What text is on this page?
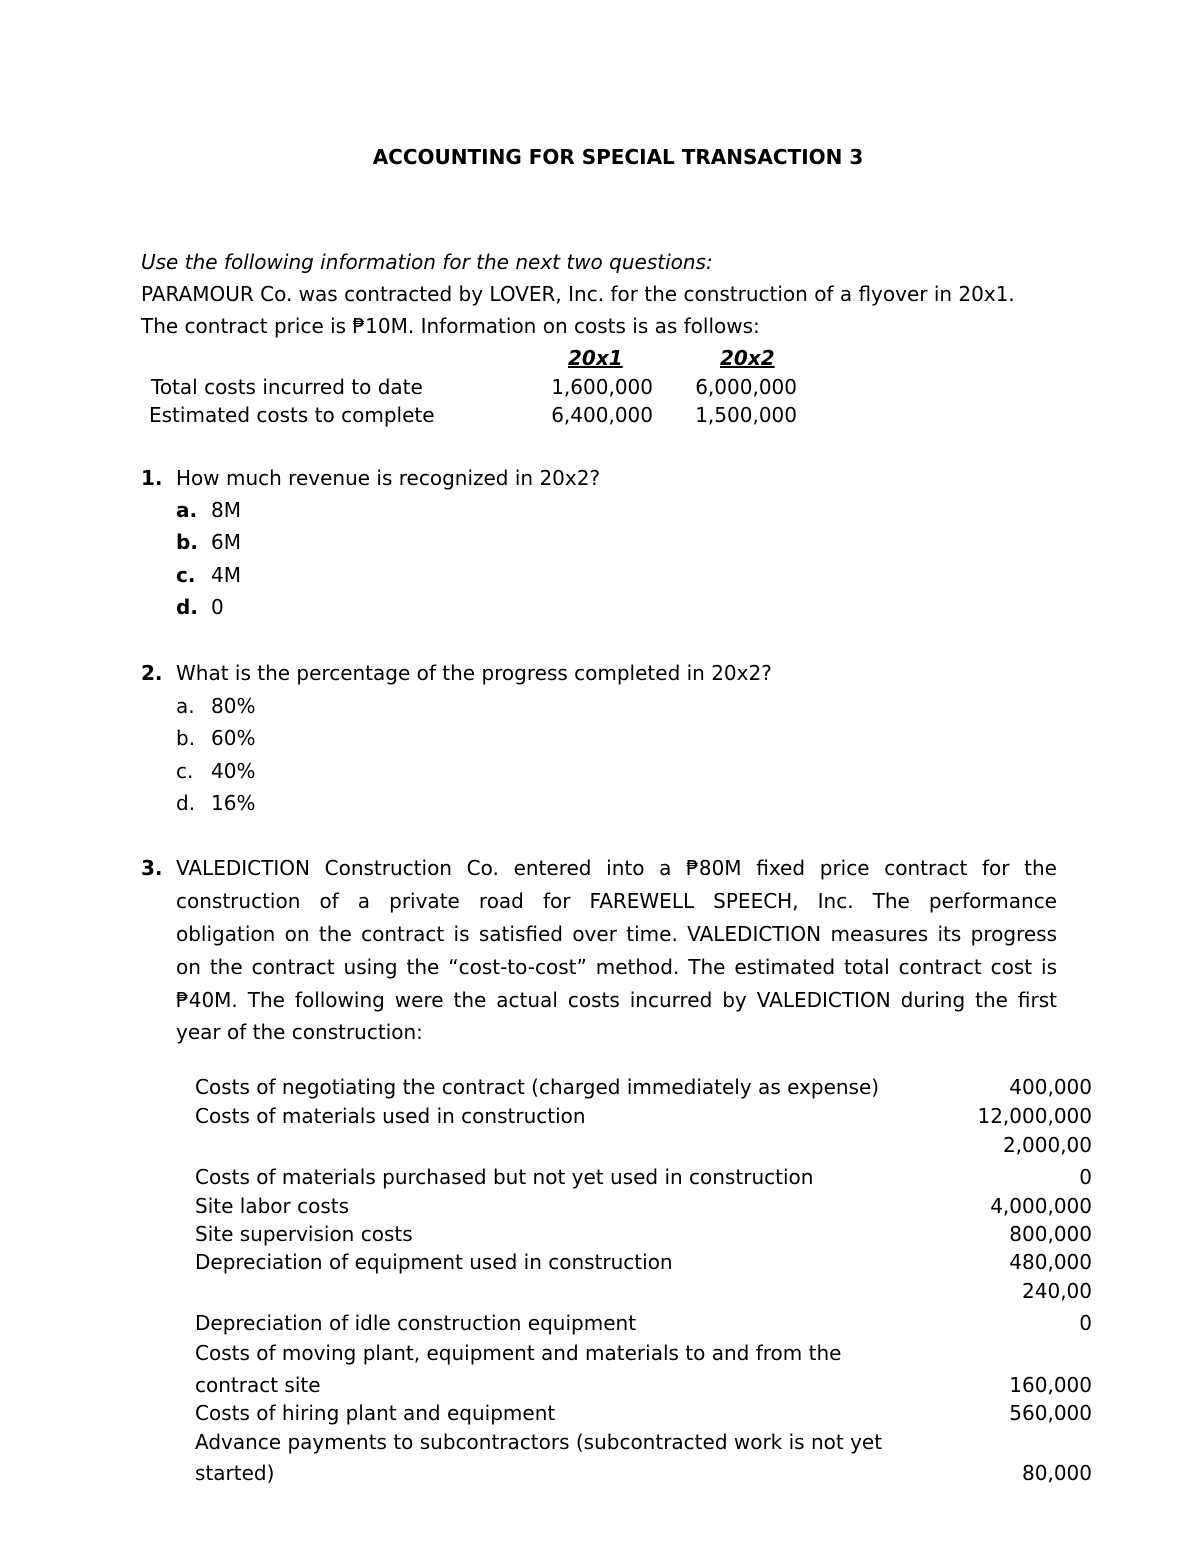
ACCOUNTING FOR SPECIAL TRANSACTION 3
Use the following information for the next two questions:
PARAMOUR Co. was contracted by LOVER, Inc. for the construction of a flyover in 20x1.
The contract price is ₱10M. Information on costs is as follows:
20x1	20x2
Total costs incurred to date	1,600,000	6,000,000
Estimated costs to complete	6,400,000	1,500,000
1. How much revenue is recognized in 20x2?
a. 8M
b. 6M
c. 4M
d. 0
2. What is the percentage of the progress completed in 20x2?
a. 80%
b. 60%
c. 40%
d. 16%
3. VALEDICTION Construction Co. entered into a ₱80M fixed price contract for the
construction of a private road for FAREWELL SPEECH, Inc. The performance
obligation on the contract is satisfied over time. VALEDICTION measures its progress
on the contract using the “cost-to-cost” method. The estimated total contract cost is
₱40M. The following were the actual costs incurred by VALEDICTION during the first
year of the construction:
Costs of negotiating the contract (charged immediately as expense)	400,000
Costs of materials used in construction	12,000,000
2,000,00
Costs of materials purchased but not yet used in construction	0
Site labor costs	4,000,000
Site supervision costs	800,000
Depreciation of equipment used in construction	480,000
240,00
Depreciation of idle construction equipment	0
Costs of moving plant, equipment and materials to and from the
contract site	160,000
Costs of hiring plant and equipment	560,000
Advance payments to subcontractors (subcontracted work is not yet
started)	80,000
